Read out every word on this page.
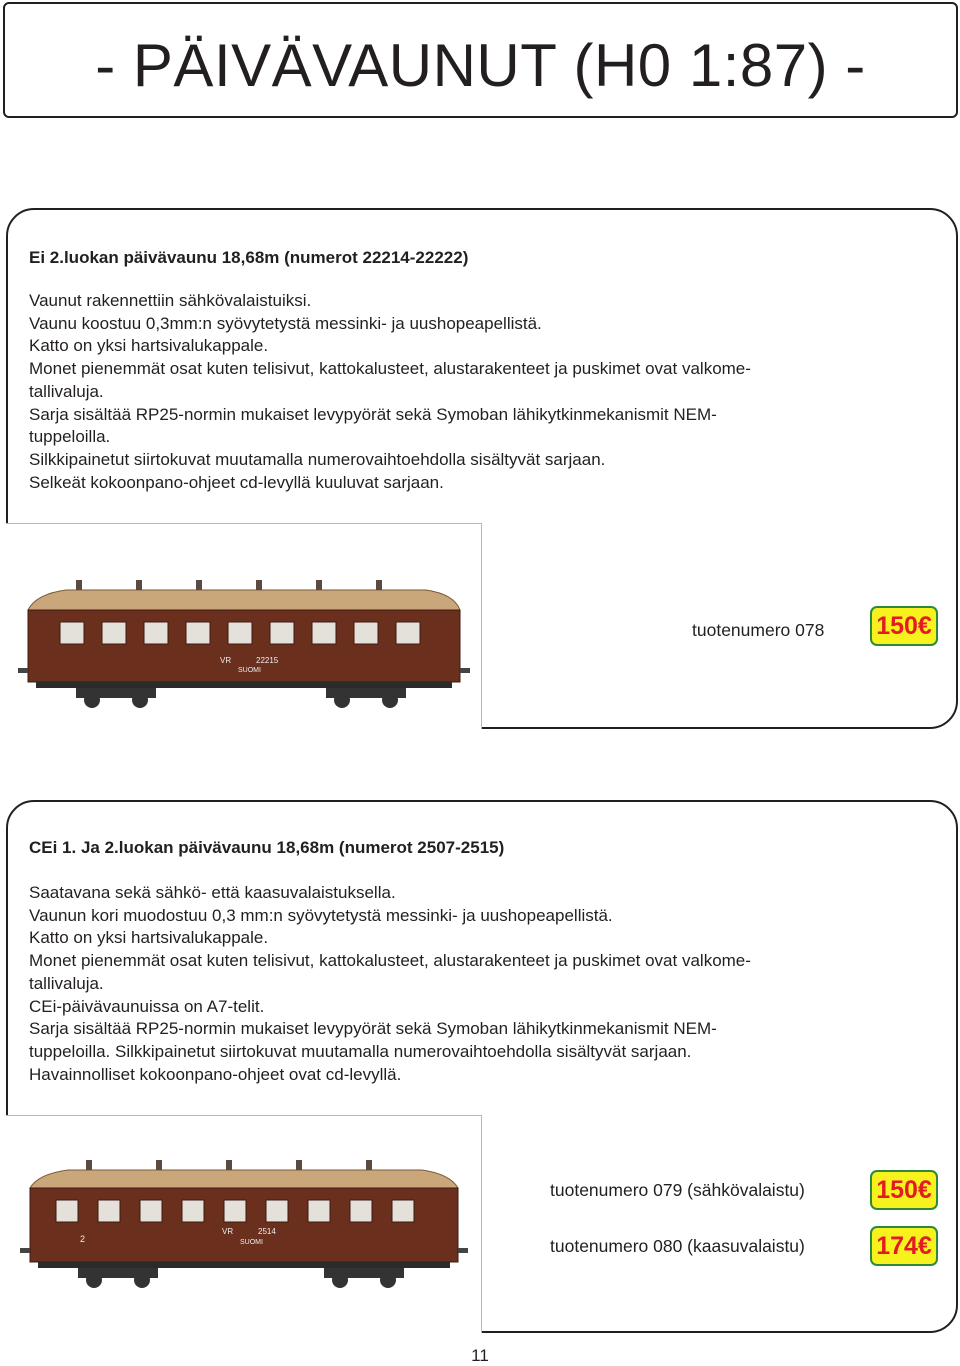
- PÄIVÄVAUNUT (H0 1:87) -
Ei 2.luokan päivävaunu 18,68m (numerot 22214-22222)
Vaunut rakennettiin sähkövalaistuiksi.
Vaunu koostuu 0,3mm:n syövytetystä messinki- ja uushopeapellistä.
Katto on yksi hartsivalukappale.
Monet pienemmät osat kuten telisivut, kattokalusteet, alustarakenteet ja puskimet ovat valkome-
tallivaluja.
Sarja sisältää RP25-normin mukaiset levypyörät sekä Symoban lähikytkinmekanismit NEM-
tuppeloilla.
Silkkipainetut siirtokuvat muutamalla numerovaihtoehdolla sisältyvät sarjaan.
Selkeät kokoonpano-ohjeet cd-levyllä kuuluvat sarjaan.
VR	22215
SUOMI
tuotenumero 078 150€
CEi 1. Ja 2.luokan päivävaunu 18,68m (numerot 2507-2515)
Saatavana sekä sähkö- että kaasuvalaistuksella.
Vaunun kori muodostuu 0,3 mm:n syövytetystä messinki- ja uushopeapellistä.
Katto on yksi hartsivalukappale.
Monet pienemmät osat kuten telisivut, kattokalusteet, alustarakenteet ja puskimet ovat valkome-
tallivaluja.
CEi-päivävaunuissa on A7-telit.
Sarja sisältää RP25-normin mukaiset levypyörät sekä Symoban lähikytkinmekanismit NEM-
tuppeloilla. Silkkipainetut siirtokuvat muutamalla numerovaihtoehdolla sisältyvät sarjaan.
Havainnolliset kokoonpano-ohjeet ovat cd-levyllä.
2
VR	2514
SUOMI
tuotenumero 079 (sähkövalaistu)	150€
tuotenumero 080 (kaasuvalaistu)	174€
11
